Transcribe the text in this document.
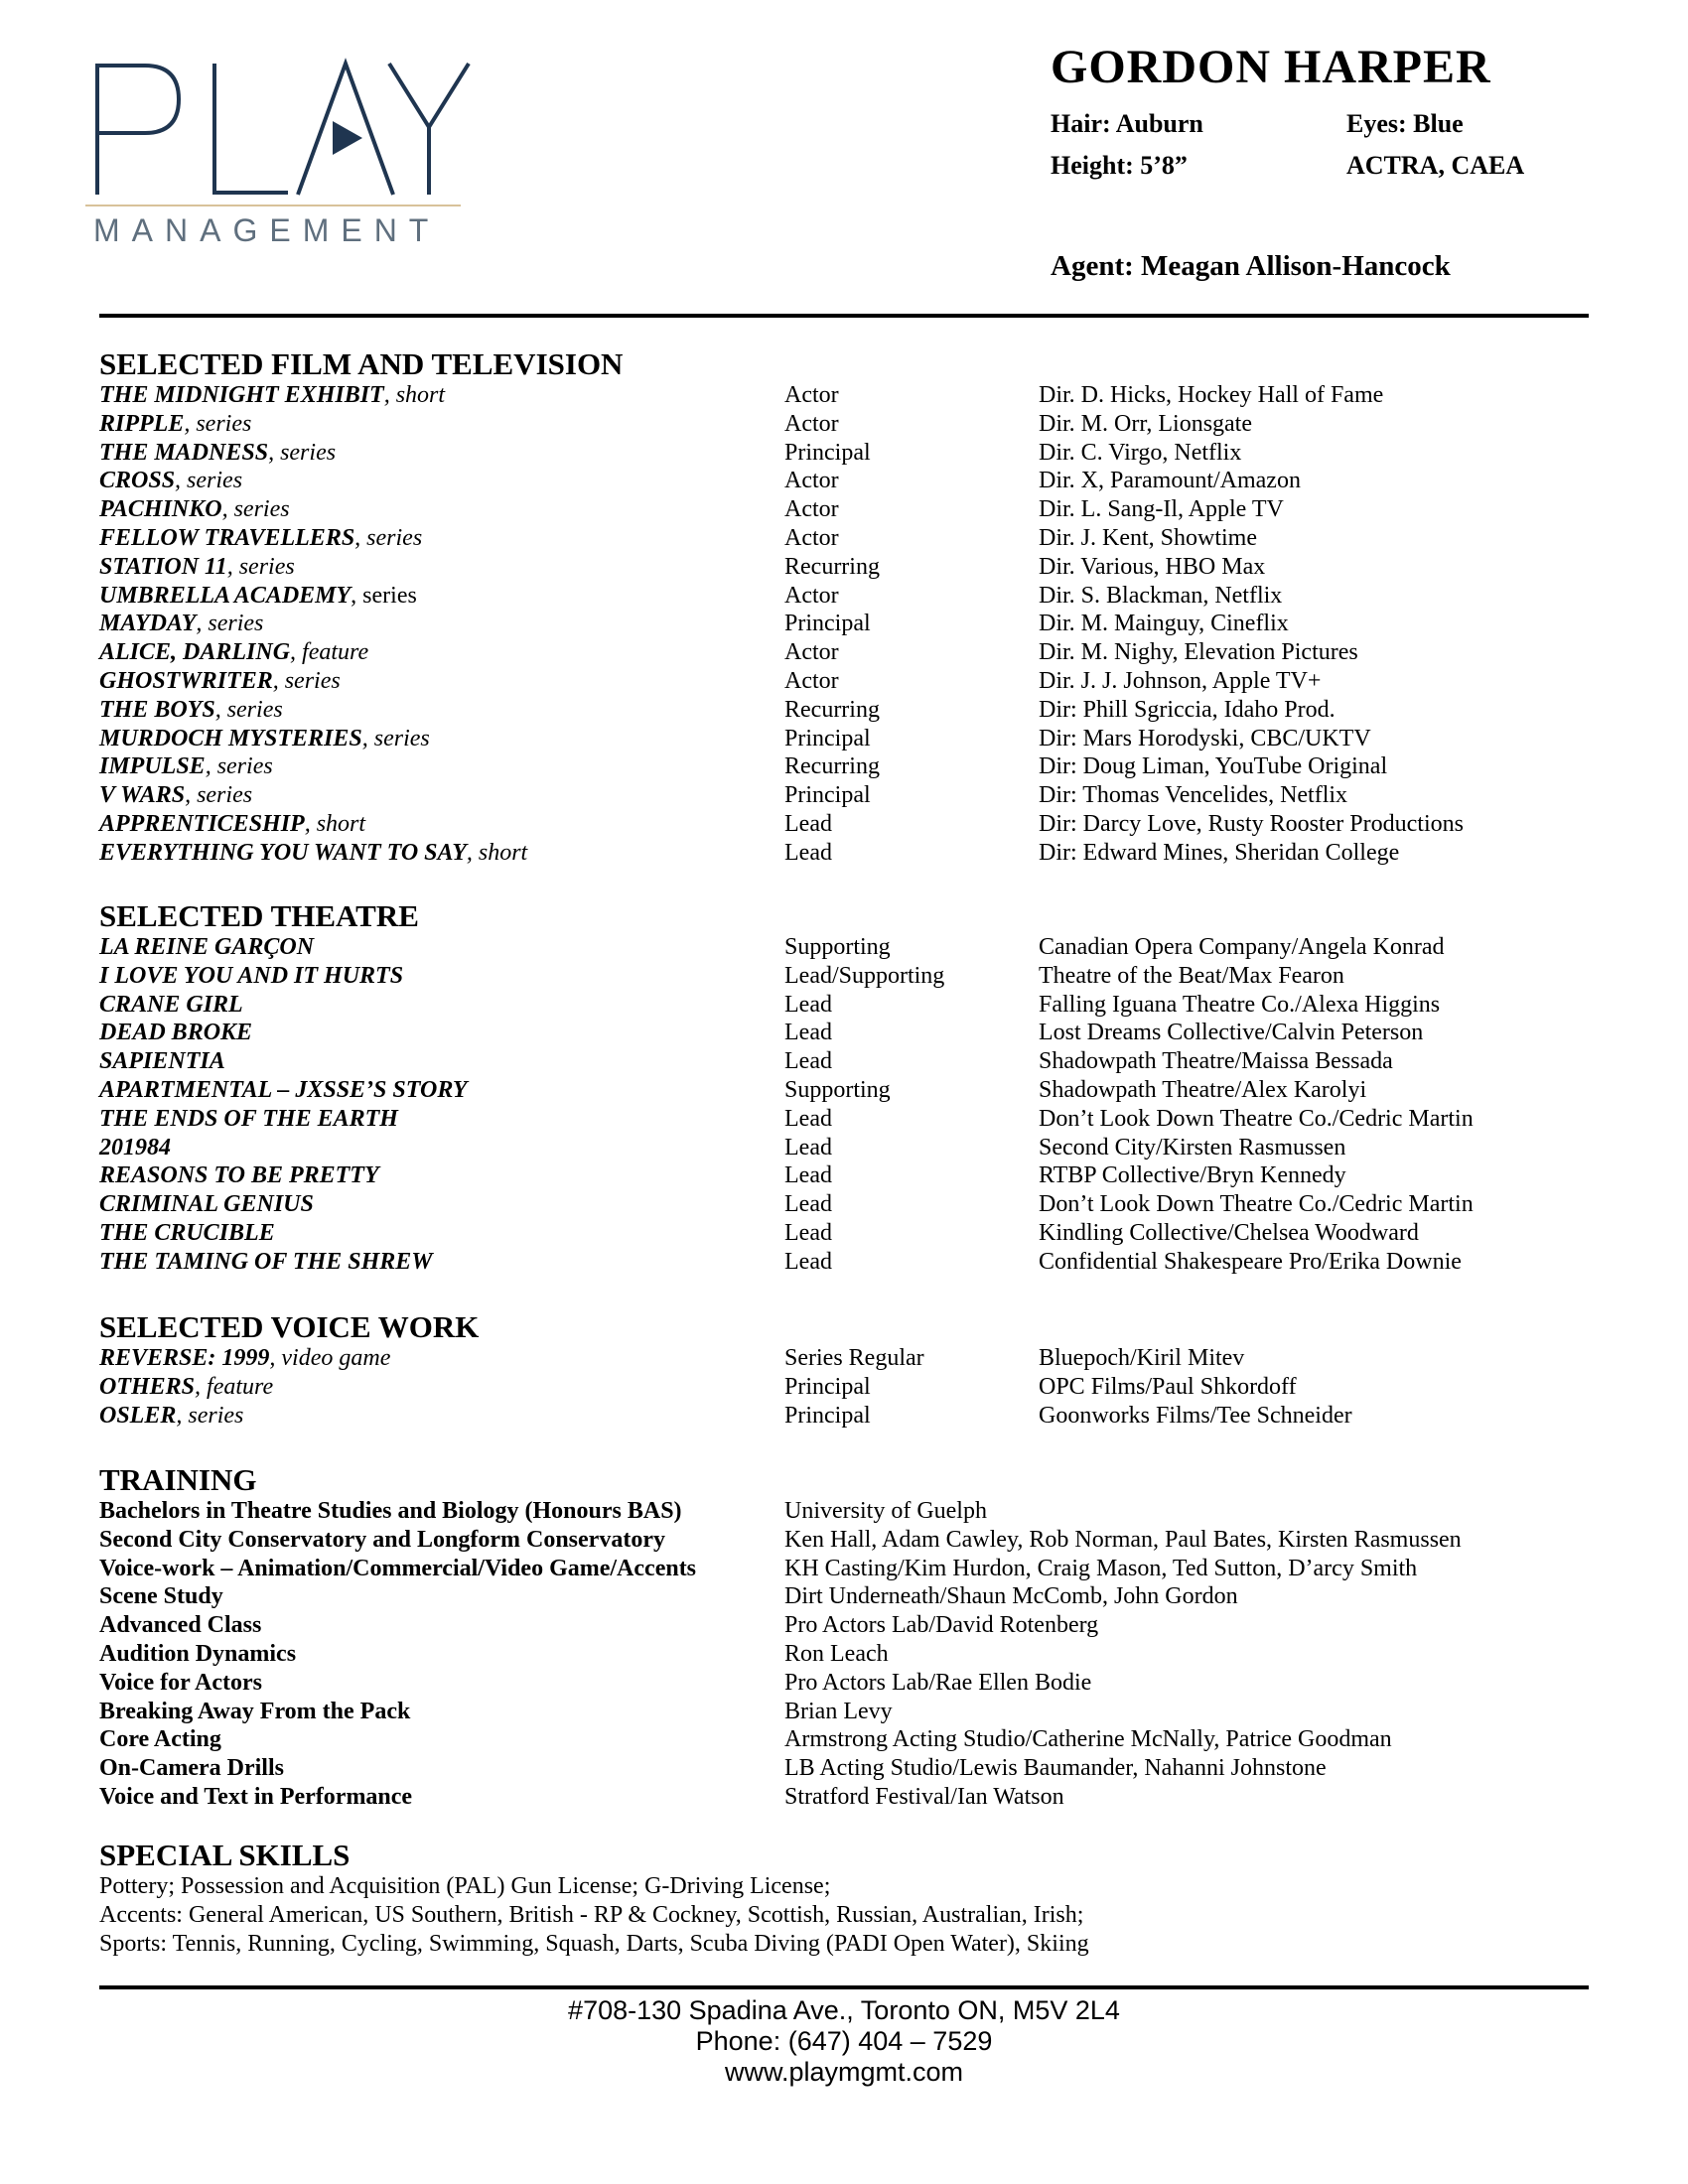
MANAGEMENT
GORDON HARPER
Hair: Auburn	Eyes: Blue
Height: 5’8”	ACTRA, CAEA
Agent: Meagan Allison-Hancock
SELECTED FILM AND TELEVISION
THE MIDNIGHT EXHIBIT, short	Actor	Dir. D. Hicks, Hockey Hall of Fame
RIPPLE, series	Actor	Dir. M. Orr, Lionsgate
THE MADNESS, series	Principal	Dir. C. Virgo, Netflix
CROSS, series	Actor	Dir. X, Paramount/Amazon
PACHINKO, series	Actor	Dir. L. Sang-Il, Apple TV
FELLOW TRAVELLERS, series	Actor	Dir. J. Kent, Showtime
STATION 11, series	Recurring	Dir. Various, HBO Max
UMBRELLA ACADEMY, series	Actor	Dir. S. Blackman, Netflix
MAYDAY, series	Principal	Dir. M. Mainguy, Cineflix
ALICE, DARLING, feature	Actor	Dir. M. Nighy, Elevation Pictures
GHOSTWRITER, series	Actor	Dir. J. J. Johnson, Apple TV+
THE BOYS, series	Recurring	Dir: Phill Sgriccia, Idaho Prod.
MURDOCH MYSTERIES, series	Principal	Dir: Mars Horodyski, CBC/UKTV
IMPULSE, series	Recurring	Dir: Doug Liman, YouTube Original
V WARS, series	Principal	Dir: Thomas Vencelides, Netflix
APPRENTICESHIP, short	Lead	Dir: Darcy Love, Rusty Rooster Productions
EVERYTHING YOU WANT TO SAY, short	Lead	Dir: Edward Mines, Sheridan College
SELECTED THEATRE
LA REINE GARÇON	Supporting	Canadian Opera Company/Angela Konrad
I LOVE YOU AND IT HURTS	Lead/Supporting	Theatre of the Beat/Max Fearon
CRANE GIRL	Lead	Falling Iguana Theatre Co./Alexa Higgins
DEAD BROKE	Lead	Lost Dreams Collective/Calvin Peterson
SAPIENTIA	Lead	Shadowpath Theatre/Maissa Bessada
APARTMENTAL – JXSSE’S STORY	Supporting	Shadowpath Theatre/Alex Karolyi
THE ENDS OF THE EARTH	Lead	Don’t Look Down Theatre Co./Cedric Martin
201984	Lead	Second City/Kirsten Rasmussen
REASONS TO BE PRETTY	Lead	RTBP Collective/Bryn Kennedy
CRIMINAL GENIUS	Lead	Don’t Look Down Theatre Co./Cedric Martin
THE CRUCIBLE	Lead	Kindling Collective/Chelsea Woodward
THE TAMING OF THE SHREW	Lead	Confidential Shakespeare Pro/Erika Downie
SELECTED VOICE WORK
REVERSE: 1999, video game	Series Regular	Bluepoch/Kiril Mitev
OTHERS, feature	Principal	OPC Films/Paul Shkordoff
OSLER, series	Principal	Goonworks Films/Tee Schneider
TRAINING
Bachelors in Theatre Studies and Biology (Honours BAS)	University of Guelph
Second City Conservatory and Longform Conservatory	Ken Hall, Adam Cawley, Rob Norman, Paul Bates, Kirsten Rasmussen
Voice-work – Animation/Commercial/Video Game/Accents	KH Casting/Kim Hurdon, Craig Mason, Ted Sutton, D’arcy Smith
Scene Study	Dirt Underneath/Shaun McComb, John Gordon
Advanced Class	Pro Actors Lab/David Rotenberg
Audition Dynamics	Ron Leach
Voice for Actors	Pro Actors Lab/Rae Ellen Bodie
Breaking Away From the Pack	Brian Levy
Core Acting	Armstrong Acting Studio/Catherine McNally, Patrice Goodman
On-Camera Drills	LB Acting Studio/Lewis Baumander, Nahanni Johnstone
Voice and Text in Performance	Stratford Festival/Ian Watson
SPECIAL SKILLS
Pottery; Possession and Acquisition (PAL) Gun License; G-Driving License;
Accents: General American, US Southern, British - RP & Cockney, Scottish, Russian, Australian, Irish;
Sports: Tennis, Running, Cycling, Swimming, Squash, Darts, Scuba Diving (PADI Open Water), Skiing
#708-130 Spadina Ave., Toronto ON, M5V 2L4
Phone: (647) 404 – 7529
www.playmgmt.com
